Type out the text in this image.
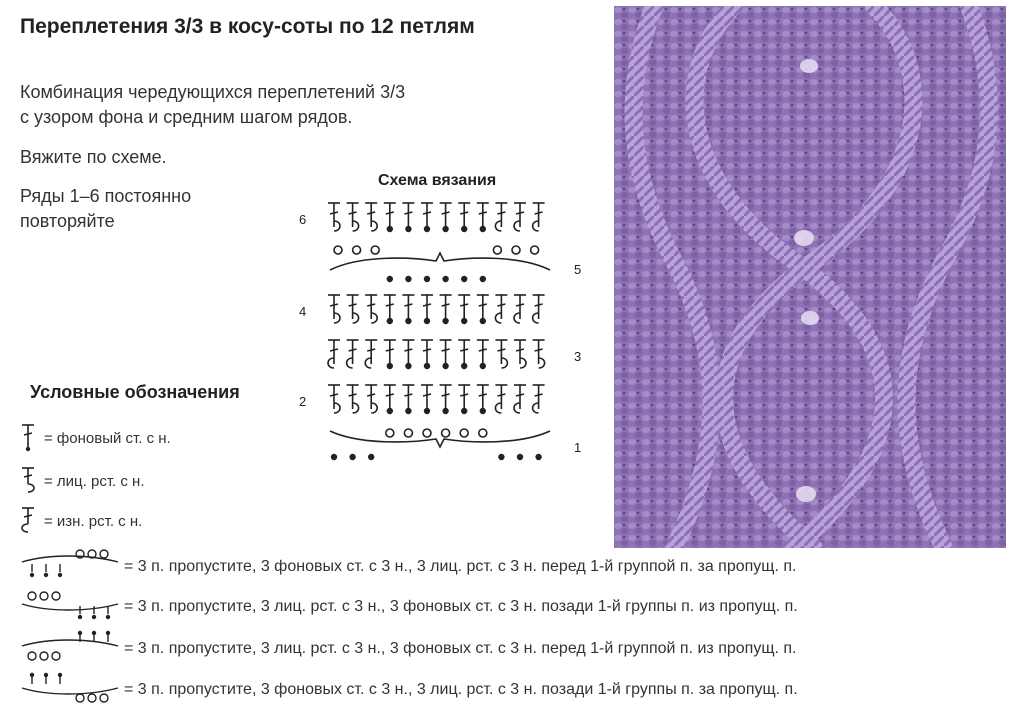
Переплетения 3/3 в косу-соты по 12 петлям
Комбинация чередующихся переплетений 3/3
с узором фона и средним шагом рядов.
Вяжите по схеме.
Ряды 1–6 постоянно
повторяйте
Схема вязания
6
5
4
3
2
1
Условные обозначения
= фоновый ст. с н.
= лиц. рст. с н.
= изн. рст. с н.
= 3 п. пропустите, 3 фоновых ст. с 3 н., 3 лиц. рст. с 3 н. перед 1-й группой п. за пропущ. п.
= 3 п. пропустите, 3 лиц. рст. с 3 н., 3 фоновых ст. с 3 н. позади 1-й группы п. из пропущ. п.
= 3 п. пропустите, 3 лиц. рст. с 3 н., 3 фоновых ст. с 3 н. перед 1-й группой п. из пропущ. п.
= 3 п. пропустите, 3 фоновых ст. с 3 н., 3 лиц. рст. с 3 н. позади 1-й группы п. за пропущ. п.
